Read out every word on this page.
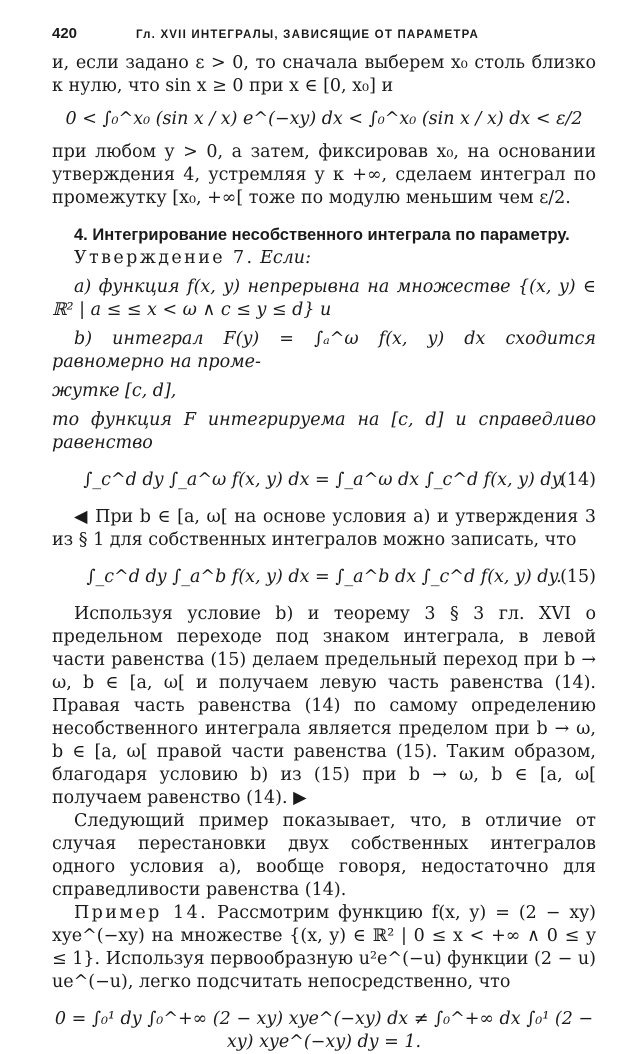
420	Гл. XVII ИНТЕГРАЛЫ, ЗАВИСЯЩИЕ ОТ ПАРАМЕТРА

и, если задано ε > 0, то сначала выберем x₀ столь близко к нулю, что sin x ≥ 0 при x ∈ [0, x₀] и

0 < ∫₀^x₀ (sin x / x) e^(−xy) dx < ∫₀^x₀ (sin x / x) dx < ε/2

при любом y > 0, а затем, фиксировав x₀, на основании утверждения 4, устремляя y к +∞, сделаем интеграл по промежутку [x₀, +∞[ тоже по модулю меньшим чем ε/2.

4. Интегрирование несобственного интеграла по параметру.

Утверждение 7. Если:

a) функция f(x, y) непрерывна на множестве {(x, y) ∈ ℝ² | a ≤ ≤ x < ω ∧ c ≤ y ≤ d} и

b) интеграл F(y) = ∫ₐ^ω f(x, y) dx сходится равномерно на проме-

жутке [c, d],

то функция F интегрируема на [c, d] и справедливо равенство

∫_c^d dy ∫_a^ω f(x, y) dx = ∫_a^ω dx ∫_c^d f(x, y) dy.
(14)

◀ При b ∈ [a, ω[ на основе условия a) и утверждения 3 из § 1 для собственных интегралов можно записать, что

∫_c^d dy ∫_a^b f(x, y) dx = ∫_a^b dx ∫_c^d f(x, y) dy.
(15)

Используя условие b) и теорему 3 § 3 гл. XVI о предельном переходе под знаком интеграла, в левой части равенства (15) делаем предельный переход при b → ω, b ∈ [a, ω[ и получаем левую часть равенства (14). Правая часть равенства (14) по самому определению несобственного интеграла является пределом при b → ω, b ∈ [a, ω[ правой части равенства (15). Таким образом, благодаря условию b) из (15) при b → ω, b ∈ [a, ω[ получаем равенство (14). ▶

Следующий пример показывает, что, в отличие от случая перестановки двух собственных интегралов одного условия a), вообще говоря, недостаточно для справедливости равенства (14).

Пример 14. Рассмотрим функцию f(x, y) = (2 − xy) xye^(−xy) на множестве {(x, y) ∈ ℝ² | 0 ≤ x < +∞ ∧ 0 ≤ y ≤ 1}. Используя первообразную u²e^(−u) функции (2 − u) ue^(−u), легко подсчитать непосредственно, что

0 = ∫₀¹ dy ∫₀^+∞ (2 − xy) xye^(−xy) dx ≠ ∫₀^+∞ dx ∫₀¹ (2 − xy) xye^(−xy) dy = 1.
